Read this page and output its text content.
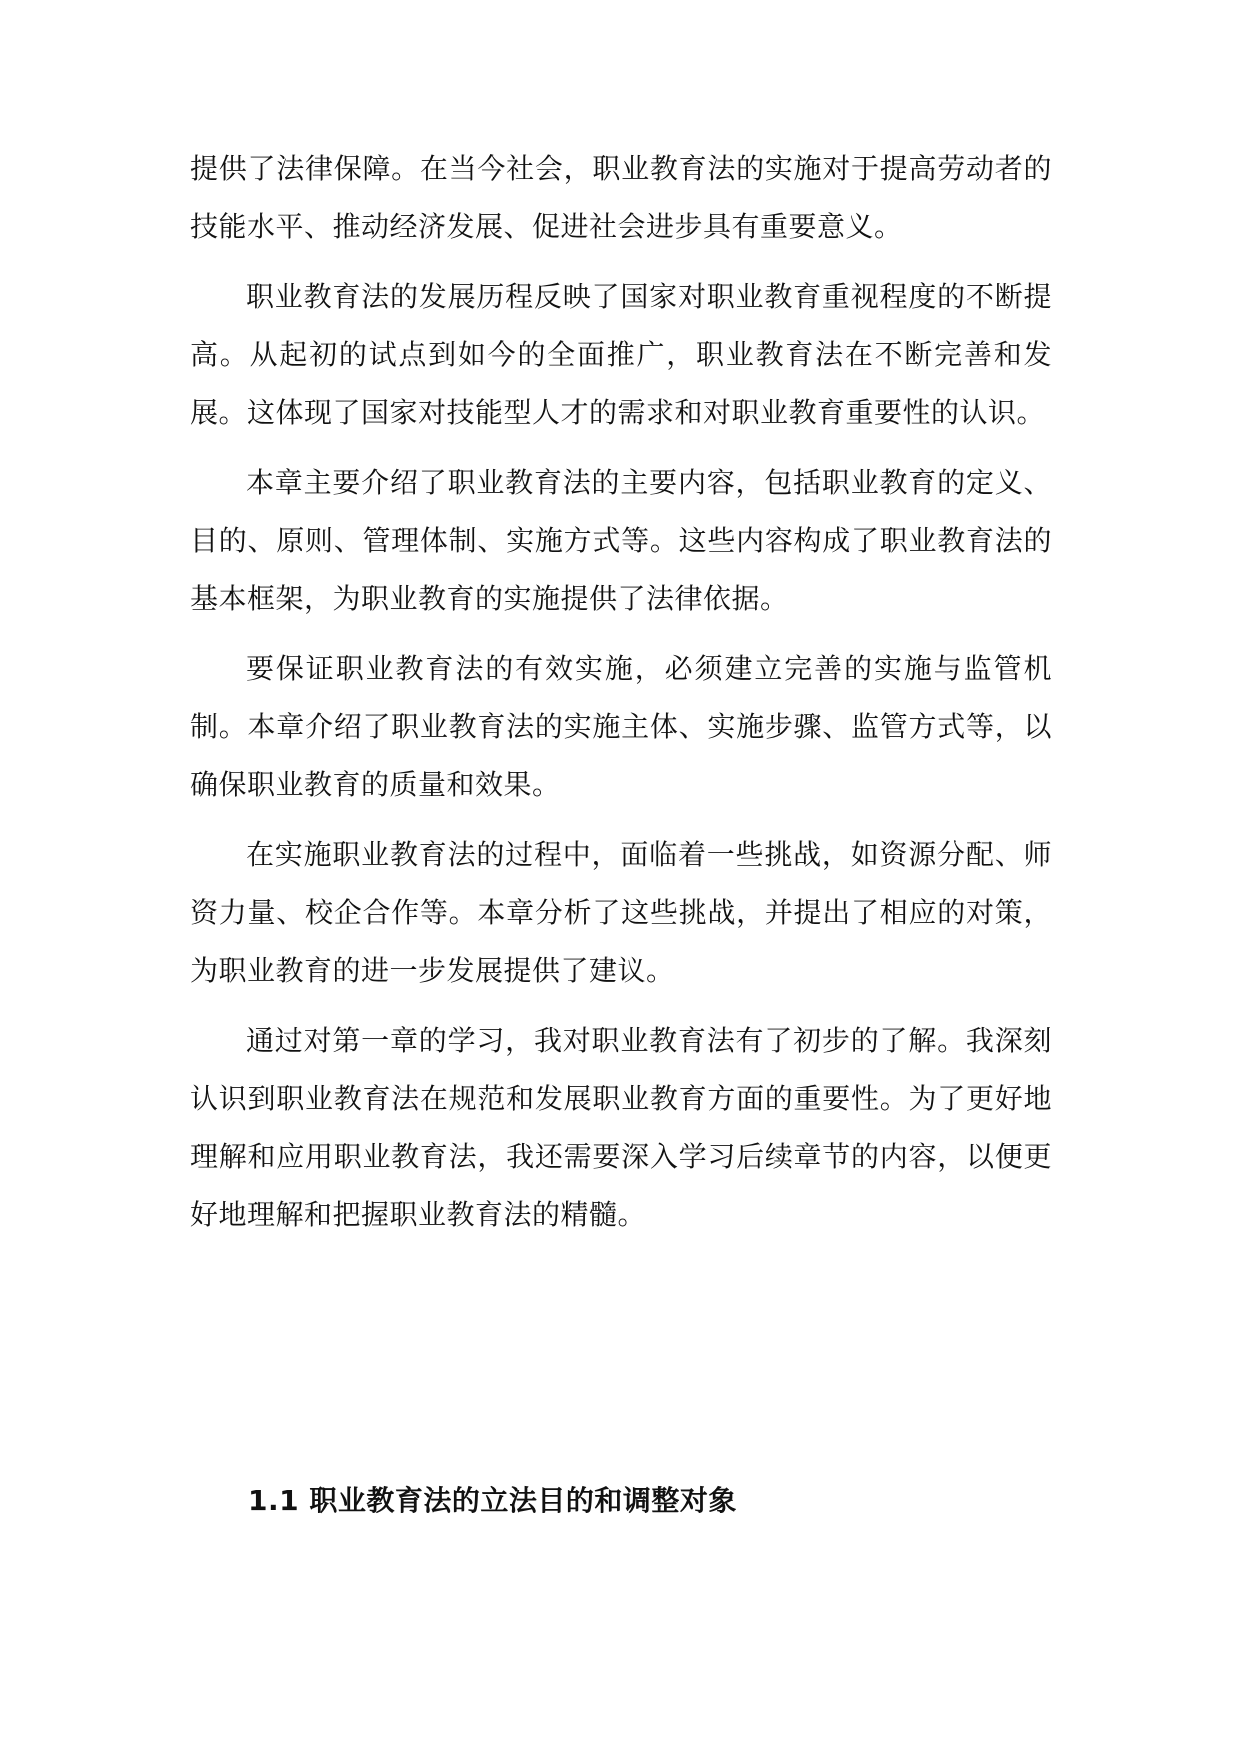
提供了法律保障。在当今社会，职业教育法的实施对于提高劳动者的技能水平、推动经济发展、促进社会进步具有重要意义。

职业教育法的发展历程反映了国家对职业教育重视程度的不断提高。从起初的试点到如今的全面推广，职业教育法在不断完善和发展。这体现了国家对技能型人才的需求和对职业教育重要性的认识。

本章主要介绍了职业教育法的主要内容，包括职业教育的定义、目的、原则、管理体制、实施方式等。这些内容构成了职业教育法的基本框架，为职业教育的实施提供了法律依据。

要保证职业教育法的有效实施，必须建立完善的实施与监管机制。本章介绍了职业教育法的实施主体、实施步骤、监管方式等，以确保职业教育的质量和效果。

在实施职业教育法的过程中，面临着一些挑战，如资源分配、师资力量、校企合作等。本章分析了这些挑战，并提出了相应的对策，为职业教育的进一步发展提供了建议。

通过对第一章的学习，我对职业教育法有了初步的了解。我深刻认识到职业教育法在规范和发展职业教育方面的重要性。为了更好地理解和应用职业教育法，我还需要深入学习后续章节的内容，以便更好地理解和把握职业教育法的精髓。

1.1 职业教育法的立法目的和调整对象
